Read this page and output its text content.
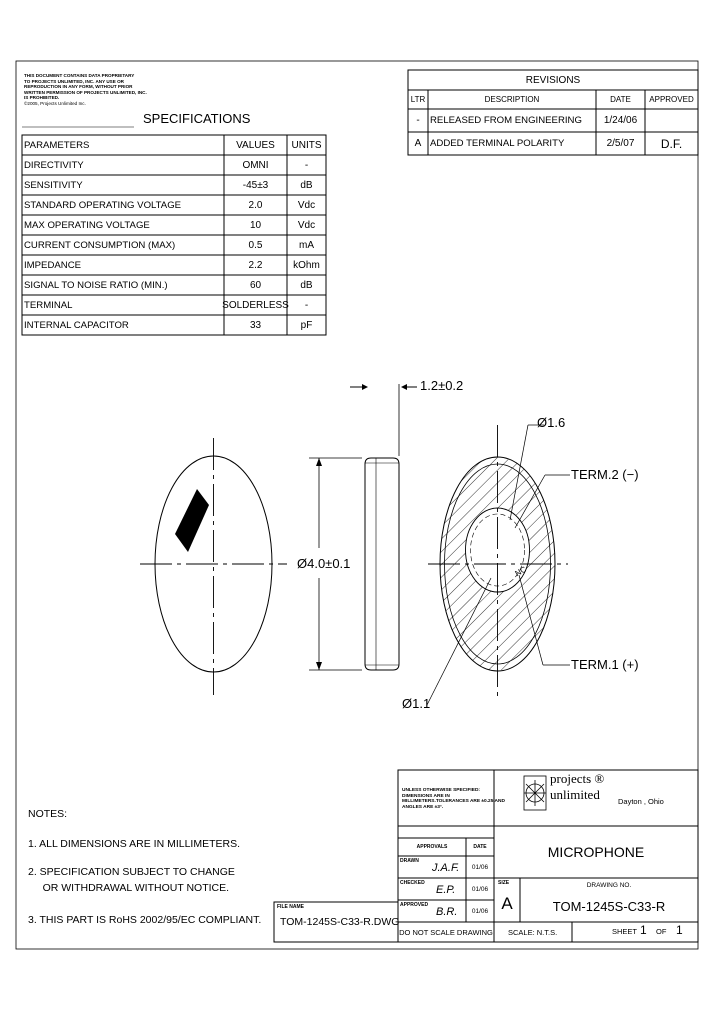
THIS DOCUMENT CONTAINS DATA PROPRIETARY
TO PROJECTS UNLIMITED, INC. ANY USE OR
REPRODUCTION IN ANY FORM, WITHOUT PRIOR
WRITTEN PERMISSION OF PROJECTS UNLIMITED, INC.
IS PROHIBITED.
©2005, Projects Unlimited Inc.
SPECIFICATIONS
PARAMETERS	VALUES	UNITS
DIRECTIVITY	OMNI	-
SENSITIVITY	-45±3	dB
STANDARD OPERATING VOLTAGE	2.0	Vdc
MAX OPERATING VOLTAGE	10	Vdc
CURRENT CONSUMPTION (MAX)	0.5	mA
IMPEDANCE	2.2	kOhm
SIGNAL TO NOISE RATIO (MIN.)	60	dB
TERMINAL	SOLDERLESS	-
INTERNAL CAPACITOR	33	pF
REVISIONS
LTR	DESCRIPTION	DATE	APPROVED
-	RELEASED FROM ENGINEERING	1/24/06
A ADDED TERMINAL POLARITY	2/5/07	D.F.
1.2±0.2
Ø4.0±0.1
Ø1.6
Ø1.1
TERM.2 (−)
TERM.1 (+)
NC
NOTES:
1. ALL DIMENSIONS ARE IN MILLIMETERS.
2. SPECIFICATION SUBJECT TO CHANGE
OR WITHDRAWAL WITHOUT NOTICE.
3. THIS PART IS RoHS 2002/95/EC COMPLIANT.
FILE NAME
TOM-1245S-C33-R.DWG
UNLESS OTHERWISE SPECIFIED:
DIMENSIONS ARE IN
MILLIMETERS.TOLERANCES ARE ±0.25 AND
ANGLES ARE ±3°.
projects ®
unlimited Dayton , Ohio
MICROPHONE
APPROVALS	DATE
DRAWN
J.A.F.	01/06
CHECKED
E.P.	01/06
APPROVED
B.R.	01/06
SIZE
A
DRAWING NO.
TOM-1245S-C33-R
DO NOT SCALE DRAWING SCALE: N.T.S.	SHEET 1 OF 1
